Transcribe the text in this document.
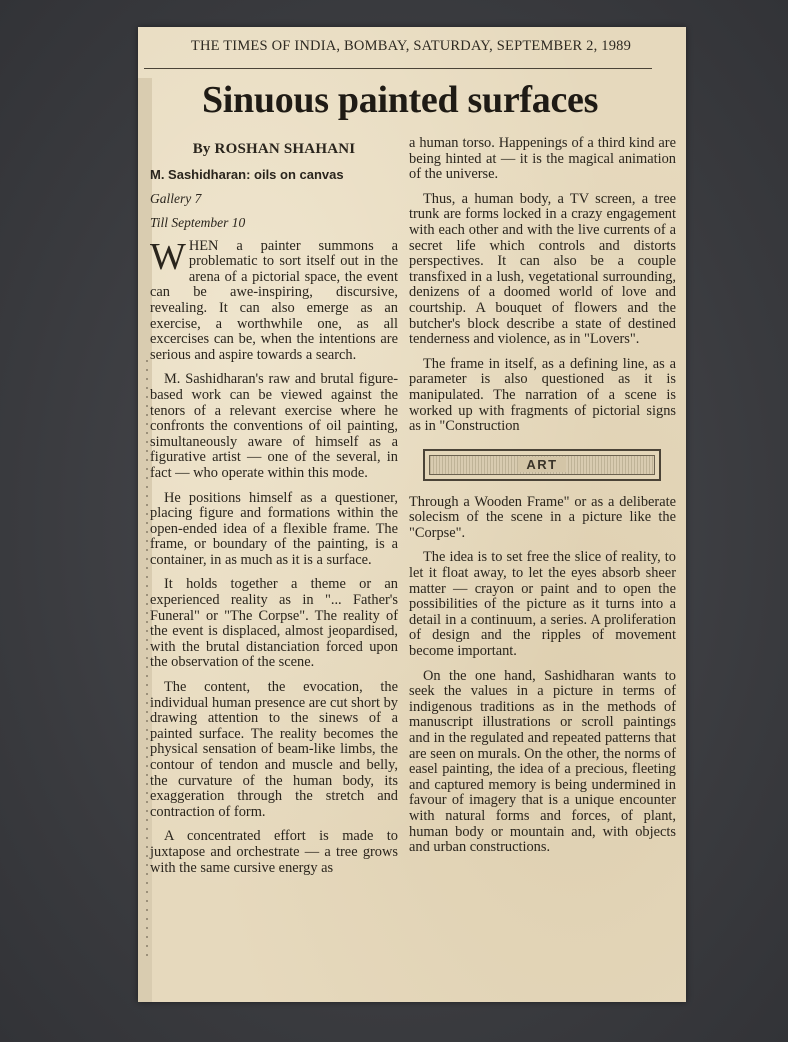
THE TIMES OF INDIA, BOMBAY, SATURDAY, SEPTEMBER 2, 1989
Sinuous painted surfaces
By ROSHAN SHAHANI

M. Sashidharan: oils on canvas

Gallery 7

Till September 10

WHEN a painter summons a problematic to sort itself out in the arena of a pictorial space, the event can be awe-inspiring, discursive, revealing. It can also emerge as an exercise, a worthwhile one, as all excercises can be, when the intentions are serious and aspire towards a search.

M. Sashidharan's raw and brutal figure-based work can be viewed against the tenors of a relevant exercise where he confronts the conventions of oil painting, simultaneously aware of himself as a figurative artist — one of the several, in fact — who operate within this mode.

He positions himself as a questioner, placing figure and formations within the open-ended idea of a flexible frame. The frame, or boundary of the painting, is a container, in as much as it is a surface.

It holds together a theme or an experienced reality as in "... Father's Funeral" or "The Corpse". The reality of the event is displaced, almost jeopardised, with the brutal distanciation forced upon the observation of the scene.

The content, the evocation, the individual human presence are cut short by drawing attention to the sinews of a painted surface. The reality becomes the physical sensation of beam-like limbs, the contour of tendon and muscle and belly, the curvature of the human body, its exaggeration through the stretch and contraction of form.

A concentrated effort is made to juxtapose and orchestrate — a tree grows with the same cursive energy as

a human torso. Happenings of a third kind are being hinted at — it is the magical animation of the universe.

Thus, a human body, a TV screen, a tree trunk are forms locked in a crazy engagement with each other and with the live currents of a secret life which controls and distorts perspectives. It can also be a couple transfixed in a lush, vegetational surrounding, denizens of a doomed world of love and courtship. A bouquet of flowers and the butcher's block describe a state of destined tenderness and violence, as in "Lovers".

The frame in itself, as a defining line, as a parameter is also questioned as it is manipulated. The narration of a scene is worked up with fragments of pictorial signs as in "Construction

ART

Through a Wooden Frame" or as a deliberate solecism of the scene in a picture like the "Corpse".

The idea is to set free the slice of reality, to let it float away, to let the eyes absorb sheer matter — crayon or paint and to open the possibilities of the picture as it turns into a detail in a continuum, a series. A proliferation of design and the ripples of movement become important.

On the one hand, Sashidharan wants to seek the values in a picture in terms of indigenous traditions as in the methods of manuscript illustrations or scroll paintings and in the regulated and repeated patterns that are seen on murals. On the other, the norms of easel painting, the idea of a precious, fleeting and captured memory is being undermined in favour of imagery that is a unique encounter with natural forms and forces, of plant, human body or mountain and, with objects and urban constructions.
